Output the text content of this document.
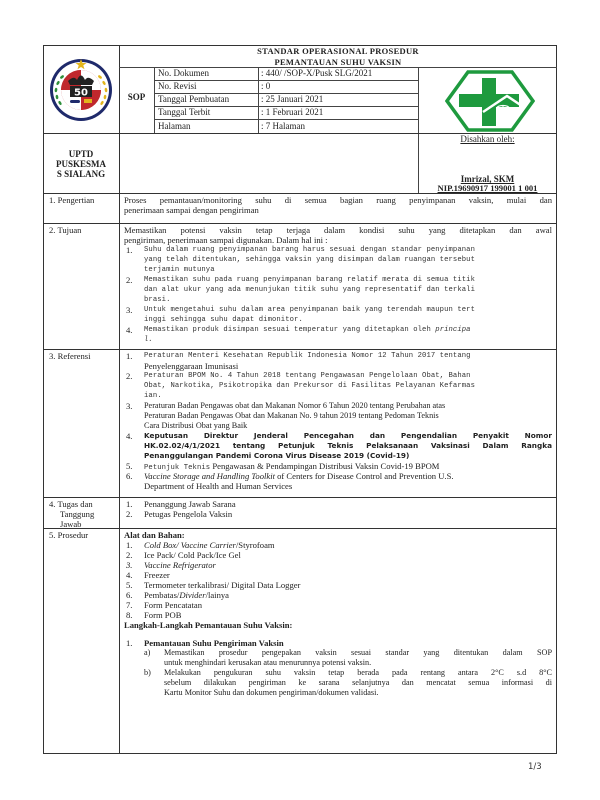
50
STANDAR OPERASIONAL PROSEDUR
PEMANTAUAN SUHU VAKSIN
SOP
No. Dokumen	: 440/ /SOP-X/Pusk SLG/2021
No. Revisi	: 0
Tanggal Pembuatan	: 25 Januari 2021
Tanggal Terbit	: 1 Februari 2021
Halaman	: 7 Halaman
Disahkan oleh:
Imrizal, SKM
NIP.19690917 199001 1 001
UPTD
PUSKESMA
S SIALANG
1. Pengertian	Proses pemantauan/monitoring suhu di semua bagian ruang penyimpanan vaksin, mulai dan
penerimaan sampai dengan pengiriman
2. Tujuan	Memastikan potensi vaksin tetap terjaga dalam kondisi suhu yang ditetapkan dan awal
pengiriman, penerimaan sampai digunakan. Dalam hal ini :
1.	Suhu dalam ruang penyimpanan barang harus sesuai dengan standar penyimpanan
yang telah ditentukan, sehingga vaksin yang disimpan dalam ruangan tersebut
terjamin mutunya
2.	Memastikan suhu pada ruang penyimpanan barang relatif merata di semua titik
dan alat ukur yang ada menunjukan titik suhu yang representatif dan terkali
brasi.
3.	Untuk mengetahui suhu dalam area penyimpanan baik yang terendah maupun tert
inggi sehingga suhu dapat dimonitor.
4.	Memastikan produk disimpan sesuai temperatur yang ditetapkan oleh principa
l.
3. Referensi	1.	Peraturan Menteri Kesehatan Republik Indonesia Nomor 12 Tahun 2017 tentang
Penyelenggaraan Imunisasi
2.	Peraturan BPOM No. 4 Tahun 2018 tentang Pengawasan Pengelolaan Obat, Bahan
Obat, Narkotika, Psikotropika dan Prekursor di Fasilitas Pelayanan Kefarmas
ian.
3.	Peraturan Badan Pengawas obat dan Makanan Nomor 6 Tahun 2020 tentang Perubahan atas
Peraturan Badan Pengawas Obat dan Makanan No. 9 tahun 2019 tentang Pedoman Teknis
Cara Distribusi Obat yang Baik
4.	Keputusan Direktur Jenderal Pencegahan dan Pengendalian Penyakit Nomor
HK.02.02/4/1/2021 tentang Petunjuk Teknis Pelaksanaan Vaksinasi Dalam Rangka
Penanggulangan Pandemi Corona Virus Disease 2019 (Covid-19)
5.	Petunjuk Teknis Pengawasan & Pendampingan Distribusi Vaksin Covid-19 BPOM
6.	Vaccine Storage and Handling Toolkit of Centers for Disease Control and Prevention U.S.
Department of Health and Human Services
4. Tugas dan
Tanggung
Jawab
1.	Penanggung Jawab Sarana
2.	Petugas Pengelola Vaksin
5. Prosedur	Alat dan Bahan:
1.	Cold Box/ Vaccine Carrier/Styrofoam
2.	Ice Pack/ Cold Pack/Ice Gel
3.	Vaccine Refrigerator
4.	Freezer
5.	Termometer terkalibrasi/ Digital Data Logger
6.	Pembatas/Divider/lainya
7.	Form Pencatatan
8.	Form POB
Langkah-Langkah Pemantauan Suhu Vaksin:
1.	Pemantauan Suhu Pengiriman Vaksin
a)	Memastikan prosedur pengepakan vaksin sesuai standar yang ditentukan dalam SOP
untuk menghindari kerusakan atau menurunnya potensi vaksin.
b)	Melakukan pengukuran suhu vaksin tetap berada pada rentang antara 2°C s.d 8°C
sebelum dilakukan pengiriman ke sarana selanjutnya dan mencatat semua informasi di
Kartu Monitor Suhu dan dokumen pengiriman/dokumen validasi.
1/3
